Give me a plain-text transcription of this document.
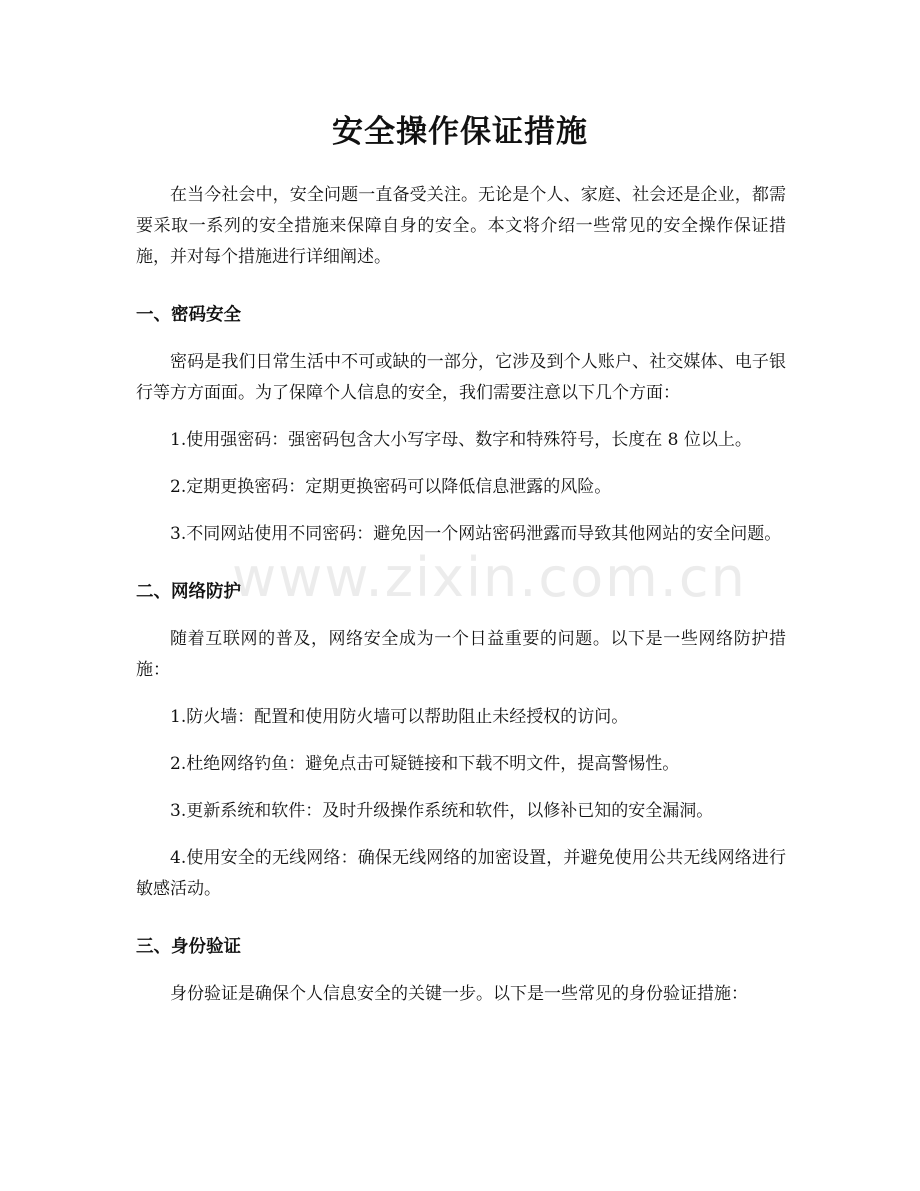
安全操作保证措施

在当今社会中，安全问题一直备受关注。无论是个人、家庭、社会还是企业，都需要采取一系列的安全措施来保障自身的安全。本文将介绍一些常见的安全操作保证措施，并对每个措施进行详细阐述。

一、密码安全

密码是我们日常生活中不可或缺的一部分，它涉及到个人账户、社交媒体、电子银行等方方面面。为了保障个人信息的安全，我们需要注意以下几个方面：

1.使用强密码：强密码包含大小写字母、数字和特殊符号，长度在 8 位以上。

2.定期更换密码：定期更换密码可以降低信息泄露的风险。

3.不同网站使用不同密码：避免因一个网站密码泄露而导致其他网站的安全问题。

二、网络防护

随着互联网的普及，网络安全成为一个日益重要的问题。以下是一些网络防护措施：

1.防火墙：配置和使用防火墙可以帮助阻止未经授权的访问。

2.杜绝网络钓鱼：避免点击可疑链接和下载不明文件，提高警惕性。

3.更新系统和软件：及时升级操作系统和软件，以修补已知的安全漏洞。

4.使用安全的无线网络：确保无线网络的加密设置，并避免使用公共无线网络进行敏感活动。

三、身份验证

身份验证是确保个人信息安全的关键一步。以下是一些常见的身份验证措施：

www.zixin.com.cn
